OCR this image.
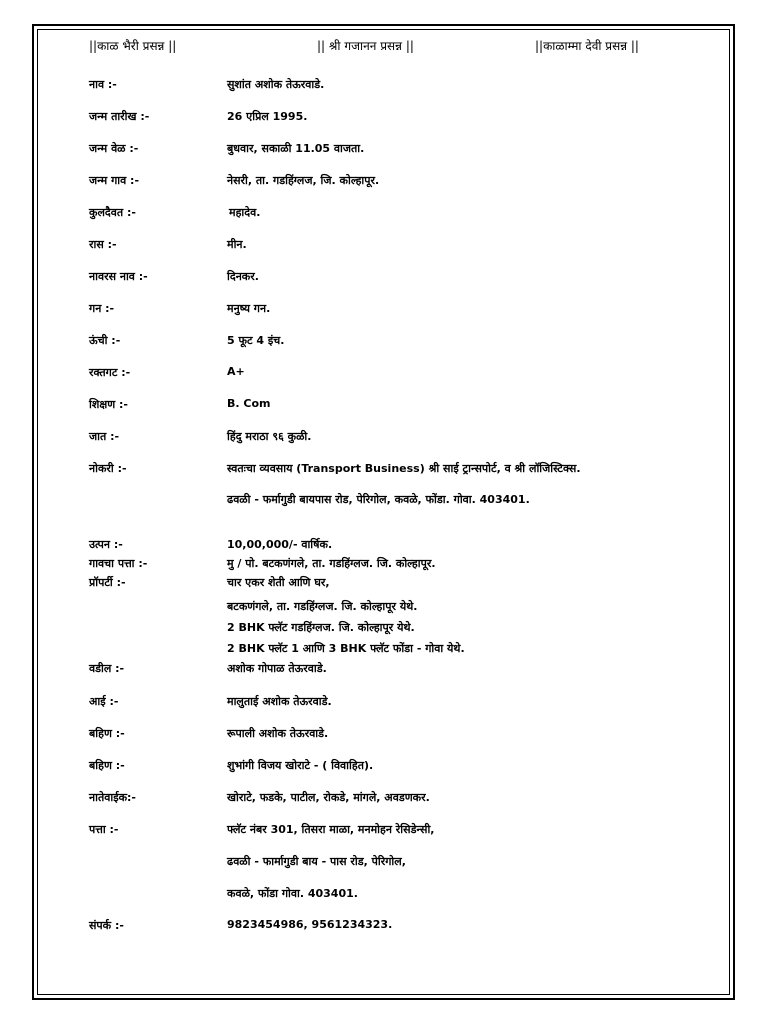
||काळ भैरी प्रसन्न ||	|| श्री गजानन प्रसन्न ||	||काळाम्मा देवी प्रसन्न ||
नाव :-	सुशांत अशोक तेऊरवाडे.
जन्म तारीख :-	26 एप्रिल 1995.
जन्म वेळ :-	बुधवार, सकाळी 11.05 वाजता.
जन्म गाव :-	नेसरी, ता. गडहिंग्लज, जि. कोल्हापूर.
कुलदैवत :-	महादेव.
रास :-	मीन.
नावरस नाव :-	दिनकर.
गन :-	मनुष्य गन.
ऊंची :-	5 फूट 4 इंच.
रक्तगट :-	A+
शिक्षण :-	B. Com
जात :-	हिंदु मराठा ९६ कुळी.
नोकरी :-	स्वतःचा व्यवसाय (Transport Business) श्री साई ट्रान्सपोर्ट, व श्री लॉजिस्टिक्स.
ढवळी - फर्मागुडी बायपास रोड, पेरिगोल, कवळे, फोंडा. गोवा. 403401.
उत्पन :-	10,00,000/- वार्षिक.
गावचा पत्ता :-	मु / पो. बटकणंगले, ता. गडहिंग्लज. जि. कोल्हापूर.
प्रॉपर्टी :-	चार एकर शेती आणि घर,
बटकणंगले, ता. गडहिंग्लज. जि. कोल्हापूर येथे.
2 BHK फ्लॅट गडहिंग्लज. जि. कोल्हापूर येथे.
2 BHK फ्लॅट 1 आणि 3 BHK फ्लॅट फोंडा - गोवा येथे.
वडील :-	अशोक गोपाळ तेऊरवाडे.
आई :-	मालुताई अशोक तेऊरवाडे.
बहिण :-	रूपाली अशोक तेऊरवाडे.
बहिण :-	शुभांगी विजय खोराटे - ( विवाहित).
नातेवाईक:-	खोराटे, फडके, पाटील, रोकडे, मांगले, अवडणकर.
पत्ता :-	फ्लॅट नंबर 301, तिसरा माळा, मनमोहन रेसिडेन्सी,
ढवळी - फार्मागुडी बाय - पास रोड, पेरिगोल,
कवळे, फोंडा गोवा. 403401.
संपर्क :-	9823454986, 9561234323.
